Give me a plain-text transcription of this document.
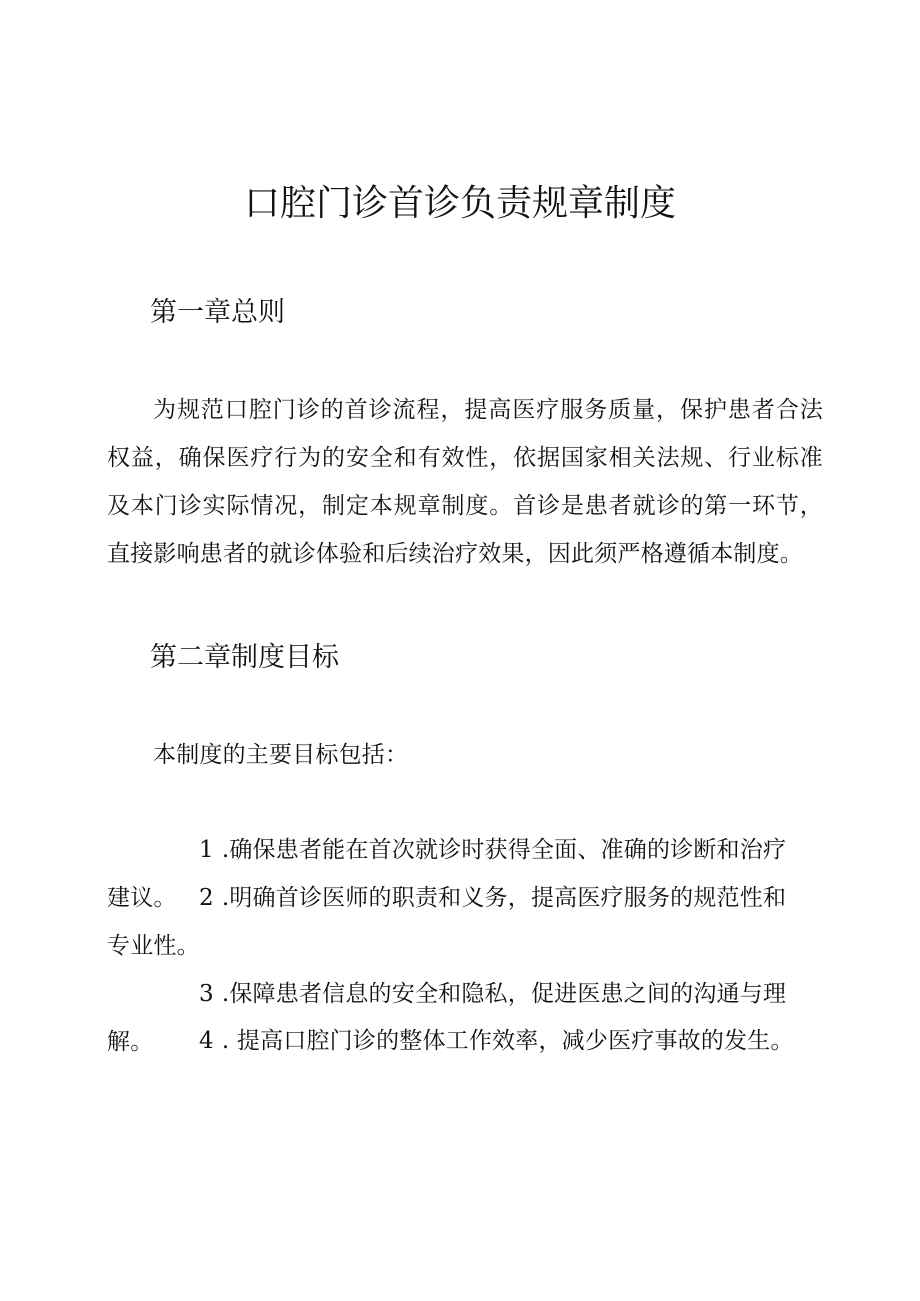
口腔门诊首诊负责规章制度
第一章总则

为规范口腔门诊的首诊流程，提高医疗服务质量，保护患者合法权益，确保医疗行为的安全和有效性，依据国家相关法规、行业标准及本门诊实际情况，制定本规章制度。首诊是患者就诊的第一环节，直接影响患者的就诊体验和后续治疗效果，因此须严格遵循本制度。

第二章制度目标

本制度的主要目标包括：

1 .确保患者能在首次就诊时获得全面、准确的诊断和治疗建议。 2 .明确首诊医师的职责和义务，提高医疗服务的规范性和专业性。

3 .保障患者信息的安全和隐私，促进医患之间的沟通与理解。	4 . 提高口腔门诊的整体工作效率，减少医疗事故的发生。
